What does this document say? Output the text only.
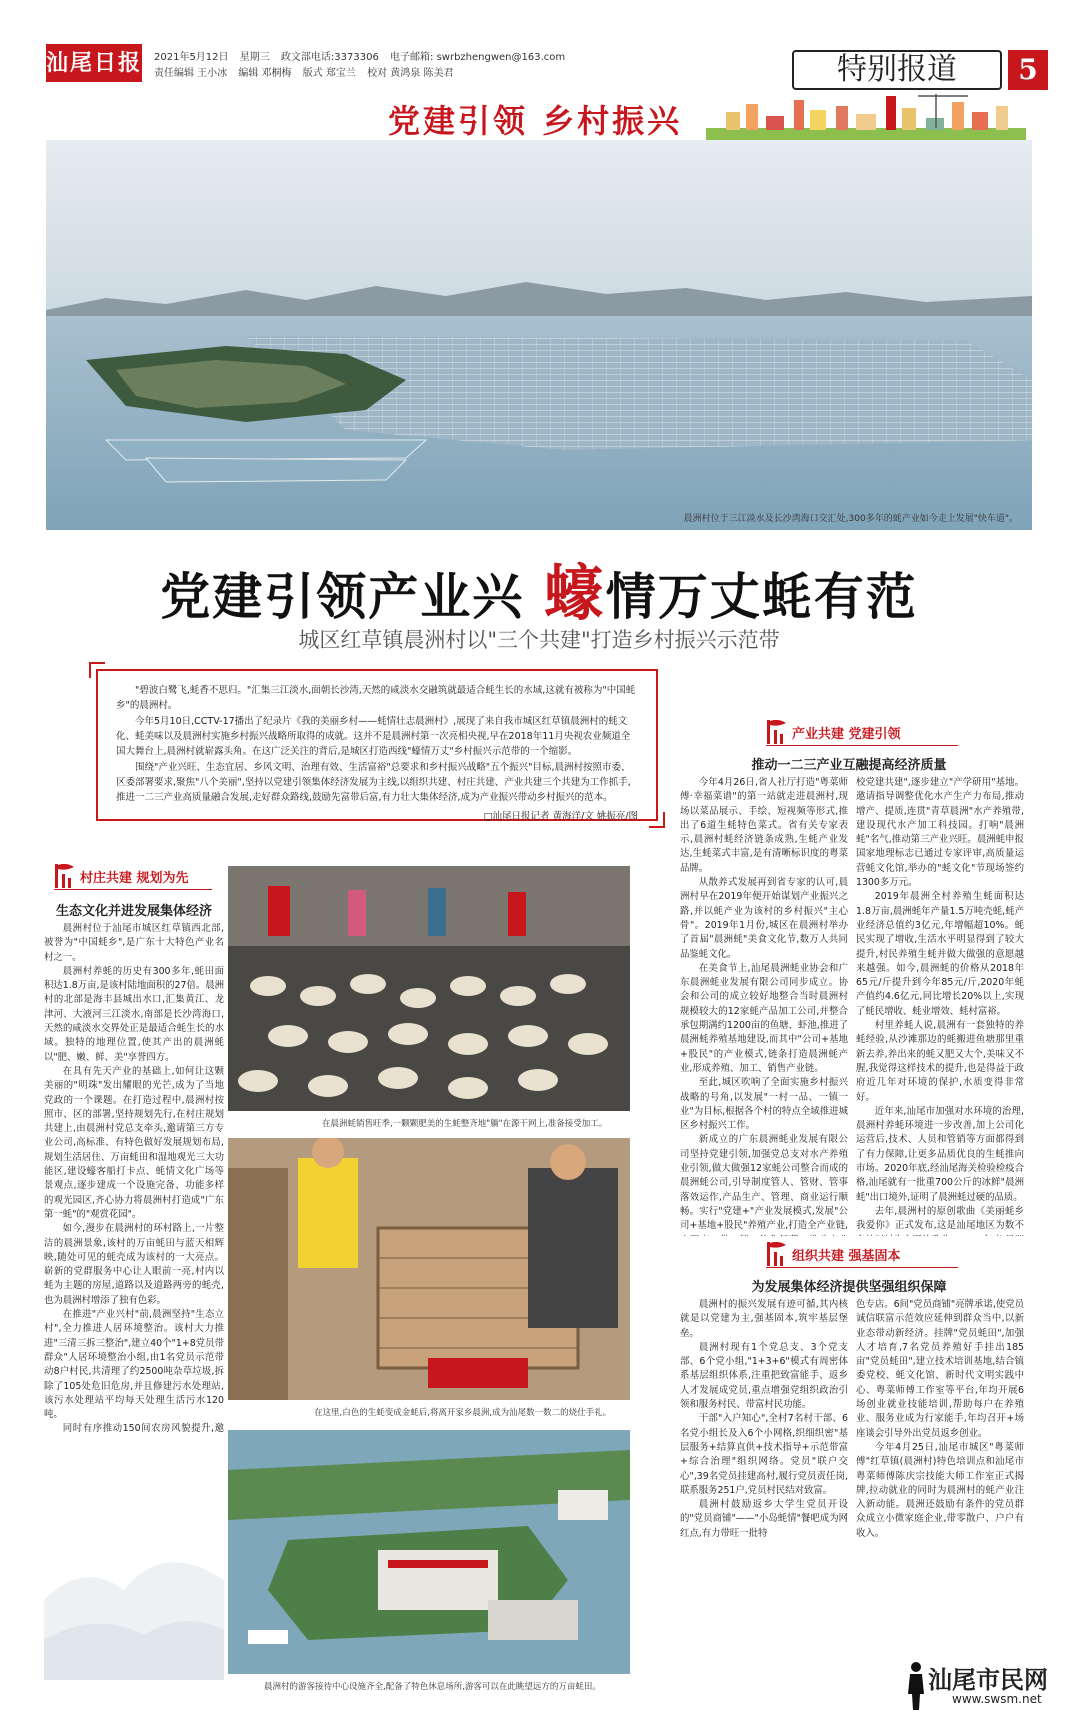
汕尾日报 2021年5月12日 星期三 政文部电话:3373306 电子邮箱: swrbzhengwen@163.com
责任编辑 王小冰 编辑 邓桐梅 版式 郑宝兰 校对 黄鸿泉 陈美君	特别报道	5
党建引领 乡村振兴
晨洲村位于三江淡水及长沙湾海口交汇处,300多年的蚝产业如今走上发展"快车道"。
党建引领产业兴 蠔情万丈蚝有范
城区红草镇晨洲村以"三个共建"打造乡村振兴示范带

"碧波白鹭飞,蚝香不思归。"汇集三江淡水,面朝长沙湾,天然的咸淡水交融筑就最适合蚝生长的水域,这就有被称为"中国蚝乡"的晨洲村。

今年5月10日,CCTV-17播出了纪录片《我的美丽乡村——蚝情壮志晨洲村》,展现了来自我市城区红草镇晨洲村的蚝文化、蚝美味以及晨洲村实施乡村振兴战略所取得的成就。这并不是晨洲村第一次亮相央视,早在2018年11月央视农业频道全国大舞台上,晨洲村就崭露头角。在这广泛关注的背后,是城区打造西线"蠔情万丈"乡村振兴示范带的一个缩影。

围绕"产业兴旺、生态宜居、乡风文明、治理有效、生活富裕"总要求和乡村振兴战略"五个振兴"目标,晨洲村按照市委、区委部署要求,聚焦"八个美丽",坚持以党建引领集体经济发展为主线,以组织共建、村庄共建、产业共建三个共建为工作抓手,推进一二三产业高质量融合发展,走好群众路线,鼓励先富带后富,有力壮大集体经济,成为产业振兴带动乡村振兴的范本。

□汕尾日报记者 黄海洋/文 姚振亮/图

村庄共建 规划为先
生态文化并进发展集体经济

晨洲村位于汕尾市城区红草镇西北部,被誉为"中国蚝乡",是广东十大特色产业名村之一。

晨洲村养蚝的历史有300多年,蚝田面积达1.8万亩,是该村陆地面积的27倍。晨洲村的北部是海丰县城出水口,汇集黄江、龙津河、大液河三江淡水,南部是长沙湾海口,天然的咸淡水交界处正是最适合蚝生长的水域。独特的地理位置,使其产出的晨洲蚝以"肥、嫩、鲜、美"享誉四方。

在具有先天产业的基础上,如何让这颗美丽的"明珠"发出耀眼的光芒,成为了当地党政的一个课题。在打造过程中,晨洲村按照市、区的部署,坚持规划先行,在村庄规划共建上,由晨洲村党总支牵头,邀请第三方专业公司,高标准、有特色做好发展规划布局,规划生活居住、万亩蚝田和湿地观光三大功能区,建设蠔客船打卡点、蚝情文化广场等景观点,逐步建成一个设施完备、功能多样的观光园区,齐心协力将晨洲村打造成"广东第一蚝"的"观赏花园"。

如今,漫步在晨洲村的环村路上,一片整洁的晨洲景象,该村的万亩蚝田与蓝天相辉映,随处可见的蚝壳成为该村的一大亮点。崭新的党群服务中心让人眼前一亮,村内以蚝为主题的房屋,道路以及道路两旁的蚝壳,也为晨洲村增添了独有色彩。

在推进"产业兴村"前,晨洲坚持"生态立村",全力推进人居环境整治。该村大力推进"三清三拆三整治",建立40个"1+8党员带群众"人居环境整治小组,由1名党员示范带动8户村民,共清理了约2500吨杂草垃圾,拆除了105处危旧危房,并且修建污水处理站,该污水处理站平均每天处理生活污水120吨。

同时有序推动150间农房风貌提升,邀

在晨洲蚝销售旺季,一颗颗肥美的生蚝整齐地"躺"在源干网上,准备接受加工。
在这里,白色的生蚝变成金蚝后,将离开家乡晨洲,成为汕尾数一数二的烧仕手礼。
晨洲村的游客接待中心设施齐全,配备了特色休息场所,游客可以在此眺望远方的万亩蚝田。
产业共建 党建引领
推动一二三产业互融提高经济质量

今年4月26日,省人社厅打造"粤菜师傅·幸福菜谱"的第一站就走进晨洲村,现场以菜品展示、手绘、短视频等形式,推出了6道生蚝特色菜式。省有关专家表示,晨洲村蚝经济链条成熟,生蚝产业发达,生蚝菜式丰富,是有清晰标识度的粤菜品牌。

从散养式发展再到省专家的认可,晨洲村早在2019年便开始谋划产业振兴之路,并以蚝产业为该村的乡村振兴"主心骨"。2019年1月份,城区在晨洲村举办了首届"晨洲蚝"美食文化节,数万人共同品鉴蚝文化。

在美食节上,汕尾晨洲蚝业协会和广东晨洲蚝业发展有限公司同步成立。协会和公司的成立较好地整合当时晨洲村规模较大的12家蚝产品加工公司,并整合承包期满约1200亩的鱼塘、虾池,推进了晨洲蚝养殖基地建设,而其中"公司+基地+股民"的产业模式,链条打造晨洲蚝产业,形成养殖、加工、销售产业链。

至此,城区吹响了全面实施乡村振兴战略的号角,以发展"一村一品、一镇一业"为目标,根据各个村的特点全域推进城区乡村振兴工作。

新成立的广东晨洲蚝业发展有限公司坚持党建引领,加强党总支对水产养殖业引领,做大做强12家蚝公司整合而成的晨洲蚝公司,引导制度管人、管财、管事落效运作,产品生产、管理、商业运行顺畅。实行"党建+"产业发展模式,发展"公司+基地+股民"养殖产业,打造全产业链,

校党建共建",逐步建立"产学研用"基地。邀请指导调整优化水产生产力布局,推动增产、提质,连贯"青草晨洲"水产养殖带,建设现代水产加工科技园。打响"晨洲蚝"名气,推动第三产业兴旺。晨洲蚝申报国家地理标志已通过专家评审,高质量运营蚝文化馆,举办的"蚝文化"节现场签约1300多万元。

2019年晨洲全村养殖生蚝面积达1.8万亩,晨洲蚝年产量1.5万吨壳蚝,蚝产业经济总值约3亿元,年增幅超10%。蚝民实现了增收,生活水平明显得到了较大提升,村民养殖生蚝并做大做强的意愿越来越强。如今,晨洲蚝的价格从2018年65元/斤提升到今年85元/斤,2020年蚝产值约4.6亿元,同比增长20%以上,实现了蚝民增收、蚝业增效、蚝村富裕。

村里养蚝人说,晨洲有一套独特的养蚝经验,从沙滩那边的蚝搬进鱼塘那里重新去养,养出来的蚝又肥又大个,美味又不腥,我觉得这样技术的提升,也是得益于政府近几年对环境的保护,水质变得非常好。

近年来,汕尾市加强对水环境的治理,晨洲村养蚝环境进一步改善,加上公司化运营后,技术、人员和管销等方面都得到了有力保障,让更多品质优良的生蚝推向市场。2020年底,经汕尾海关检验检疫合格,汕尾就有一批重700公斤的冰鲜"晨洲蚝"出口境外,证明了晨洲蚝过硬的品质。

去年,晨洲村的原创歌曲《美丽蚝乡我爱你》正式发布,这是汕尾地区为数不

组织共建 强基固本
为发展集体经济提供坚强组织保障

晨洲村的振兴发展有迹可循,其内核就是以党建为主,强基固本,筑牢基层堡垒。

晨洲村现有1个党总支、3个党支部、6个党小组,"1+3+6"模式有周密体系基层组织体系,注重把致富能手、返乡人才发展成党员,重点增强党组织政治引领和服务村民、带富村民功能。

干部"入户知心",全村7名村干部、6名党小组长及入6个小网格,织细织密"基层服务+结算直供+技术指导+示范带富+综合治理"组织网络。党员"联户交心",39名党员挂建高村,履行党员责任岗,联系服务251户,党员村民结对致富。

晨洲村鼓励返乡大学生党员开设的"党员商铺"——"小岛蚝情"餐吧成为网红点,有力带旺一批特

色专店。6间"党员商铺"亮牌承诺,使党员诚信联富示范效应延伸到群众当中,以新业态带动新经济。挂牌"党员蚝田",加强人才培育,7名党员养殖好手挂出185亩"党员蚝田",建立技术培训基地,结合镇委党校、蚝文化馆、新时代文明实践中心、粤菜师傅工作室等平台,年均开展6场创业就业技能培训,帮助每户在养殖业、服务业成为行家能手,年均召开+场座谈会引导外出党员返乡创业。

今年4月25日,汕尾市城区"粤菜师傅"红草镇(晨洲村)特色培训点和汕尾市粤菜师傅陈庆宗技能大师工作室正式揭牌,拉动就业的同时为晨洲村的蚝产业注入新动能。晨洲还鼓励有条件的党员群众成立小微家庭企业,带零散户、户户有收入。

汕尾市民网
www.swsm.net
